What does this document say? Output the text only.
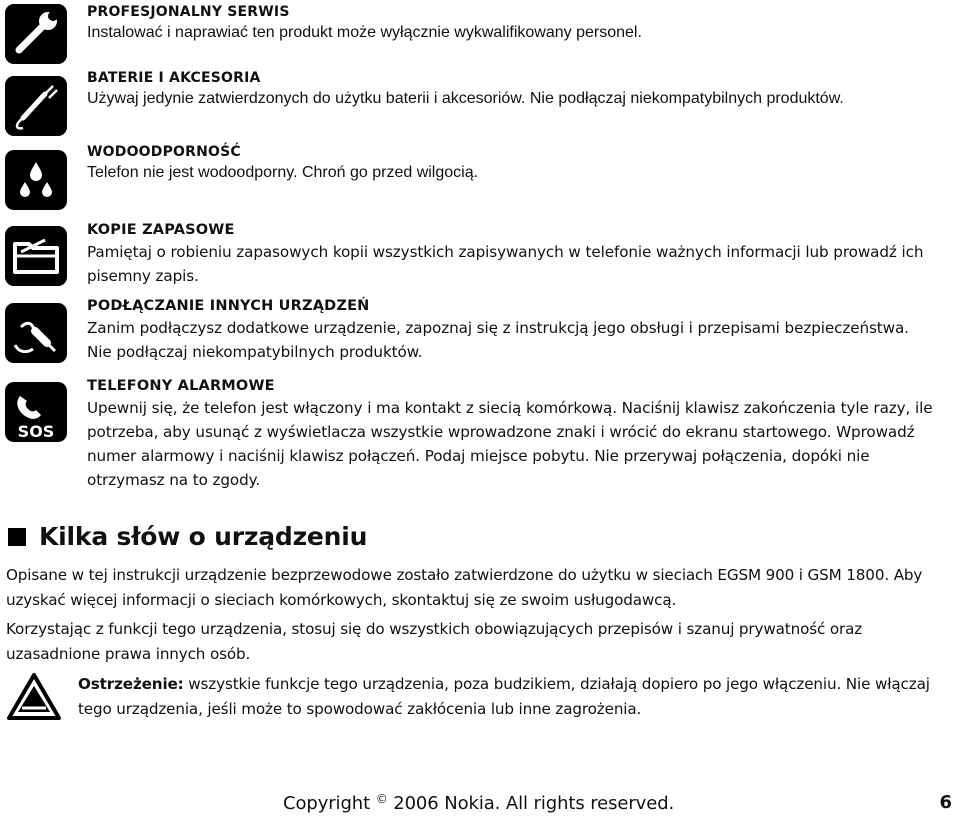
SOS
PROFESJONALNY SERWIS

Instalować i naprawiać ten produkt może wyłącznie wykwalifikowany personel.

BATERIE I AKCESORIA

Używaj jedynie zatwierdzonych do użytku baterii i akcesoriów. Nie podłączaj niekompatybilnych produktów.

WODOODPORNOŚĆ

Telefon nie jest wodoodporny. Chroń go przed wilgocią.

KOPIE ZAPASOWE

Pamiętaj o robieniu zapasowych kopii wszystkich zapisywanych w telefonie ważnych informacji lub prowadź ich pisemny zapis.

PODŁĄCZANIE INNYCH URZĄDZEŃ

Zanim podłączysz dodatkowe urządzenie, zapoznaj się z instrukcją jego obsługi i przepisami bezpieczeństwa. Nie podłączaj niekompatybilnych produktów.

TELEFONY ALARMOWE

Upewnij się, że telefon jest włączony i ma kontakt z siecią komórkową. Naciśnij klawisz zakończenia tyle razy, ile potrzeba, aby usunąć z wyświetlacza wszystkie wprowadzone znaki i wrócić do ekranu startowego. Wprowadź numer alarmowy i naciśnij klawisz połączeń. Podaj miejsce pobytu. Nie przerywaj połączenia, dopóki nie otrzymasz na to zgody.

Kilka słów o urządzeniu

Opisane w tej instrukcji urządzenie bezprzewodowe zostało zatwierdzone do użytku w sieciach EGSM 900 i GSM 1800. Aby uzyskać więcej informacji o sieciach komórkowych, skontaktuj się ze swoim usługodawcą.

Korzystając z funkcji tego urządzenia, stosuj się do wszystkich obowiązujących przepisów i szanuj prywatność oraz uzasadnione prawa innych osób.

Ostrzeżenie: wszystkie funkcje tego urządzenia, poza budzikiem, działają dopiero po jego włączeniu. Nie włączaj tego urządzenia, jeśli może to spowodować zakłócenia lub inne zagrożenia.

Copyright © 2006 Nokia. All rights reserved.	6
